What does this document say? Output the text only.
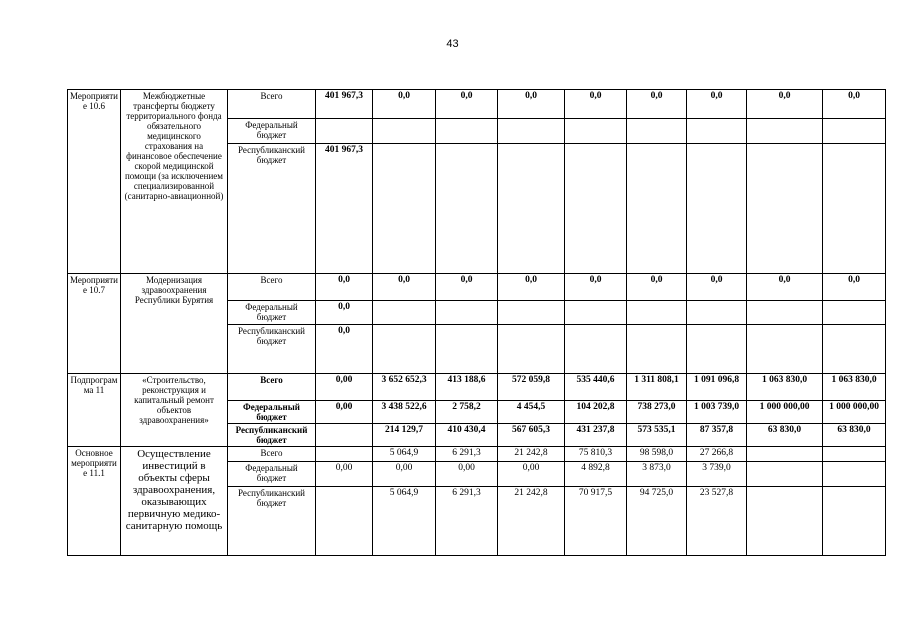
43
Мероприятие 10.6	Межбюджетные трансферты бюджету территориального фонда обязательного медицинского страхования на финансовое обеспечение скорой медицинской помощи (за исключением специализированной (санитарно-авиационной)	Всего	401 967,3	0,0	0,0	0,0	0,0	0,0	0,0	0,0	0,0
		Федеральный бюджет									
		Республиканский бюджет	401 967,3								
Мероприятие 10.7	Модернизация здравоохранения Республики Бурятия	Всего	0,0	0,0	0,0	0,0	0,0	0,0	0,0	0,0	0,0
		Федеральный бюджет	0,0								
		Республиканский бюджет	0,0								
Подпрограмма 11	«Строительство, реконструкция и капитальный ремонт объектов здравоохранения»	Всего	0,00	3 652 652,3	413 188,6	572 059,8	535 440,6	1 311 808,1	1 091 096,8	1 063 830,0	1 063 830,0
		Федеральный бюджет	0,00	3 438 522,6	2 758,2	4 454,5	104 202,8	738 273,0	1 003 739,0	1 000 000,00	1 000 000,00
		Республиканский бюджет		214 129,7	410 430,4	567 605,3	431 237,8	573 535,1	87 357,8	63 830,0	63 830,0
Основное мероприятие 11.1	Осуществление инвестиций в объекты сферы здравоохранения, оказывающих первичную медико-санитарную помощь	Всего		5 064,9	6 291,3	21 242,8	75 810,3	98 598,0	27 266,8		
		Федеральный бюджет	0,00	0,00	0,00	0,00	4 892,8	3 873,0	3 739,0		
		Республиканский бюджет		5 064,9	6 291,3	21 242,8	70 917,5	94 725,0	23 527,8		
